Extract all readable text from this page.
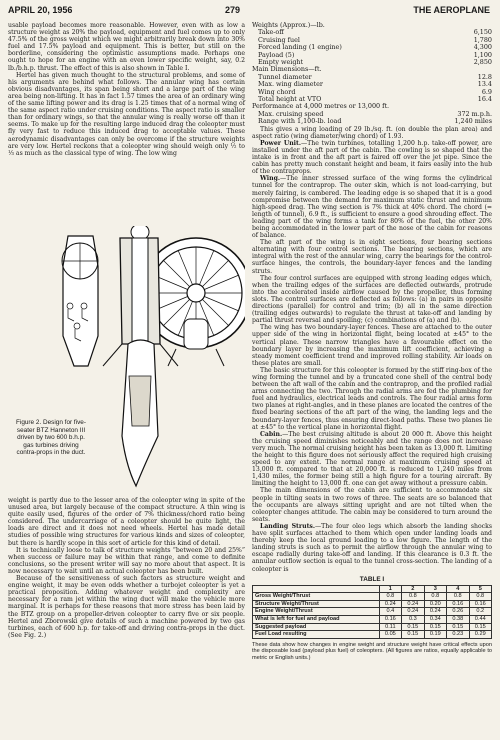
APRIL 20, 1956	279	THE AEROPLANE

usable payload becomes more reasonable. However, even with as low a structure weight as 20% the payload, equipment and fuel comes up to only 47.5% of the gross weight which we might arbitrarily break down into 30% fuel and 17.5% payload and equipment. This is better, but still on the borderline, considering the optimistic assumptions made. Perhaps one ought to hope for an engine with an even lower specific weight, say, 0.2 lb./b.h.p. thrust. The effect of this is also shown in Table I.

Hertel has given much thought to the structural problems, and some of his arguments are behind what follows. The annular wing has certain obvious disadvantages, its span being short and a large part of the wing area being non-lifting. It has in fact 1.57 times the area of an ordinary wing of the same lifting power and its drag is 1.25 times that of a normal wing of the same aspect ratio under cruising conditions. The aspect ratio is smaller than for ordinary wings, so that the annular wing is really worse off than it seems. To make up for the resulting large induced drag the coleopter must fly very fast to reduce this induced drag to acceptable values. These aerodynamic disadvantages can only be overcome if the structure weights are very low. Hertel reckons that a coleopter wing should weigh only ½ to ⅓ as much as the classical type of wing. The low wing

Figure 2. Design for five-seater BTZ Hanneton III driven by two 600 b.h.p. gas turbines driving contra-props in the duct.

weight is partly due to the lesser area of the coleopter wing in spite of the unused area, but largely because of the compact structure. A thin wing is quite easily used, figures of the order of 7% thickness/chord ratio being considered. The undercarriage of a coleopter should be quite light, the loads are direct and it does not need wheels. Hertel has made detail studies of possible wing structures for various kinds and sizes of coleopter, but there is hardly scope in this sort of article for this kind of detail.

It is technically loose to talk of structure weights “between 20 and 25%” when success or failure may be within that range, and come to definite conclusions, so the present writer will say no more about that aspect. It is now necessary to wait until an actual coleopter has been built.

Because of the sensitiveness of such factors as structure weight and engine weight, it may be even odds whether a turbojet coleopter is yet a practical proposition. Adding whatever weight and complexity are necessary for a ram jet within the wing duct will make the vehicle more marginal. It is perhaps for these reasons that more stress has been laid by the BTZ group on a propeller-driven coleopter to carry five or six people. Hertel and Zborowski give details of such a machine powered by two gas turbines, each of 600 h.p. for take-off and driving contra-props in the duct. (See Fig. 2.)

Weights (Approx.)—lb.	
Take-off	6,150
Cruising fuel	1,780
Forced landing (1 engine)	4,300
Payload (5)	1,100
Empty weight	2,850
Main Dimensions—ft.	
Tunnel diameter	12.8
Max. wing diameter	13.4
Wing chord	6.9
Total height at VTO	16.4
Performance at 4,000 metres or 13,000 ft.	
Max. cruising speed	372 m.p.h.
Range with 1,100-lb. load	1,240 miles

This gives a wing loading of 29 lb./sq. ft. (on double the plan area) and aspect ratio (wing diameter/wing chord) of 1.93.

Power Unit.—The twin turbines, totalling 1,200 h.p. take-off power, are installed under the aft part of the cabin. The cowling is so shaped that the intake is in front and the aft part is faired off over the jet pipe. Since the cabin has pretty much constant height and beam, it fairs easily into the hub of the contraprops.

Wing.—The inner stressed surface of the wing forms the cylindrical tunnel for the contraprop. The outer skin, which is not load-carrying, but merely fairing, is cambered. The leading edge is so shaped that it is a good compromise between the demand for maximum static thrust and minimum high-speed drag. The wing section is 7% thick at 40% chord. The chord (= length of tunnel), 6.9 ft., is sufficient to ensure a good shrouding effect. The leading part of the wing forms a tank for 80% of the fuel, the other 20% being accommodated in the lower part of the nose of the cabin for reasons of balance.

The aft part of the wing is in eight sections, four bearing sections alternating with four control sections. The bearing sections, which are integral with the rest of the annular wing, carry the bearings for the control-surface hinges, the controls, the boundary-layer fences and the landing struts.

The four control surfaces are equipped with strong leading edges which, when the trailing edges of the surfaces are deflected outwards, protrude into the accelerated inside airflow caused by the propeller, thus forming slots. The control surfaces are deflected as follows: (a) in pairs in opposite directions (parallel) for control and trim; (b) all in the same direction (trailing edges outwards) to regulate the thrust at take-off and landing by partial thrust reversal and spoiling; (c) combinations of (a) and (b).

The wing has two boundary-layer fences. These are attached to the outer upper side of the wing in horizontal flight, being located at ±45° to the vertical plane. These narrow triangles have a favourable effect on the boundary layer by increasing the maximum lift coefficient, achieving a steady moment coefficient trend and improved rolling stability. Air loads on these plates are small.

The basic structure for this coleopter is formed by the stiff ring-box of the wing forming the tunnel and by a truncated cone shell of the central body between the aft wall of the cabin and the contraprop, and the profiled radial arms connecting the two. Through the radial arms are fed the plumbing for fuel and hydraulics, electrical leads and controls. The four radial arms form two planes at right-angles, and in these planes are located the centres of the fixed bearing sections of the aft part of the wing, the landing legs and the boundary-layer fences, thus ensuring direct-load paths. These two planes lie at ±45° to the vertical plane in horizontal flight.

Cabin.—The best cruising altitude is about 20 000 ft. Above this height the cruising speed diminishes noticeably and the range does not increase very much. The normal cruising height has been taken as 13,000 ft. Limiting the height to this figure does not seriously affect the required high cruising speed to any extent. The normal range at maximum cruising speed at 13,000 ft. compared to that at 20,000 ft. is reduced to 1,240 miles from 1,430 miles, the former being still a high figure for a touring aircraft. By limiting the height to 13,000 ft. one can get away without a pressure cabin.

The main dimensions of the cabin are sufficient to accommodate six people in tilting seats in two rows of three. The seats are so balanced that the occupants are always sitting upright and are not tilted when the coleopter changes attitude. The cabin may be considered to turn around the seats.

Landing Struts.—The four oleo legs which absorb the landing shocks have split surfaces attached to them which open under landing loads and thereby keep the local ground loading to a low figure. The length of the landing struts is such as to permit the airflow through the annular wing to escape radially during take-off and landing. If this clearance is 0.3 ft. the annular outflow section is equal to the tunnel cross-section. The landing of a coleopter is

TABLE I
	1	2	3	4	5
Gross Weight/Thrust	0.8	0.8	0.8	0.8	0.8
Structure Weight/Thrust	0.24	0.24	0.20	0.16	0.16
Engine Weight/Thrust	0.4	0.24	0.24	0.26	0.2
What is left for fuel and payload	0.16	0.3	0.34	0.38	0.44
Suggested payload	0.11	0.15	0.15	0.15	0.15
Fuel Load resulting	0.05	0.15	0.19	0.23	0.29
These data show how changes in engine weight and structure weight have critical effects upon the disposable load (payload plus fuel) of coleopters. (All figures are ratios, equally applicable to metric or English units.)
